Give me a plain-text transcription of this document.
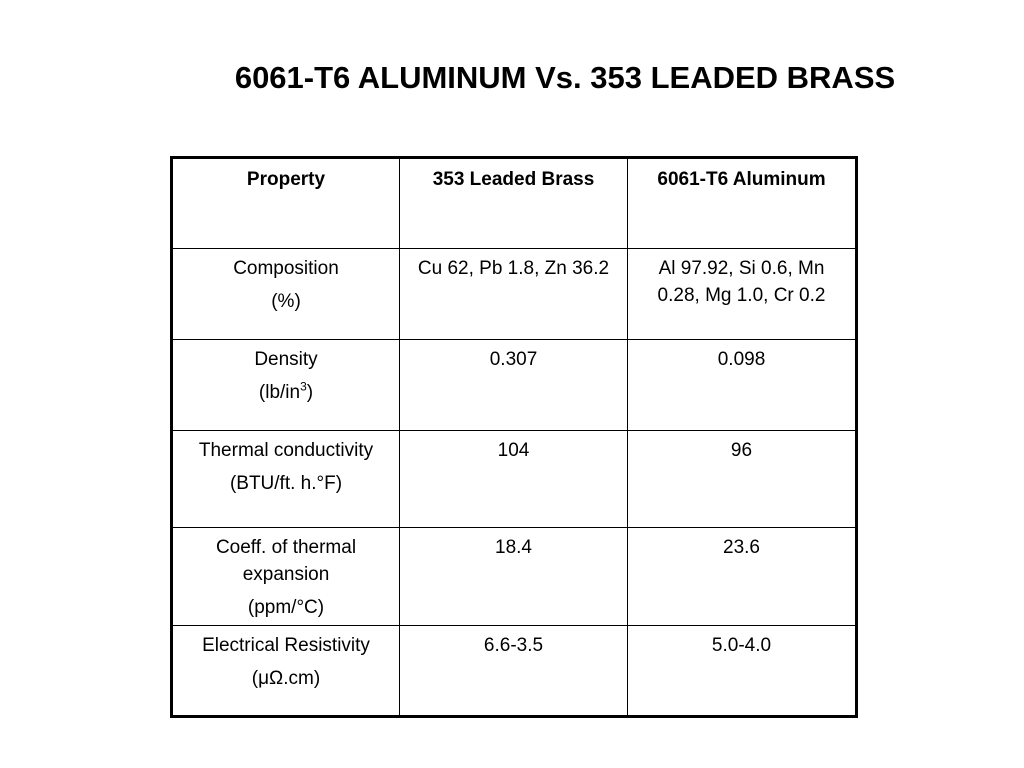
6061-T6 ALUMINUM Vs. 353 LEADED BRASS
Property	353 Leaded Brass	6061-T6 Aluminum

Composition
(%)	Cu 62, Pb 1.8, Zn 36.2	Al 97.92, Si 0.6, Mn 0.28, Mg 1.0, Cr 0.2

Density
$(lb/in^3)$	0.307	0.098

Thermal conductivity
(BTU/ft. h.°F)	104	96

Coeff. of thermal expansion
(ppm/°C)	18.4	23.6

Electrical Resistivity
(μΩ.cm)	6.6-3.5	5.0-4.0
